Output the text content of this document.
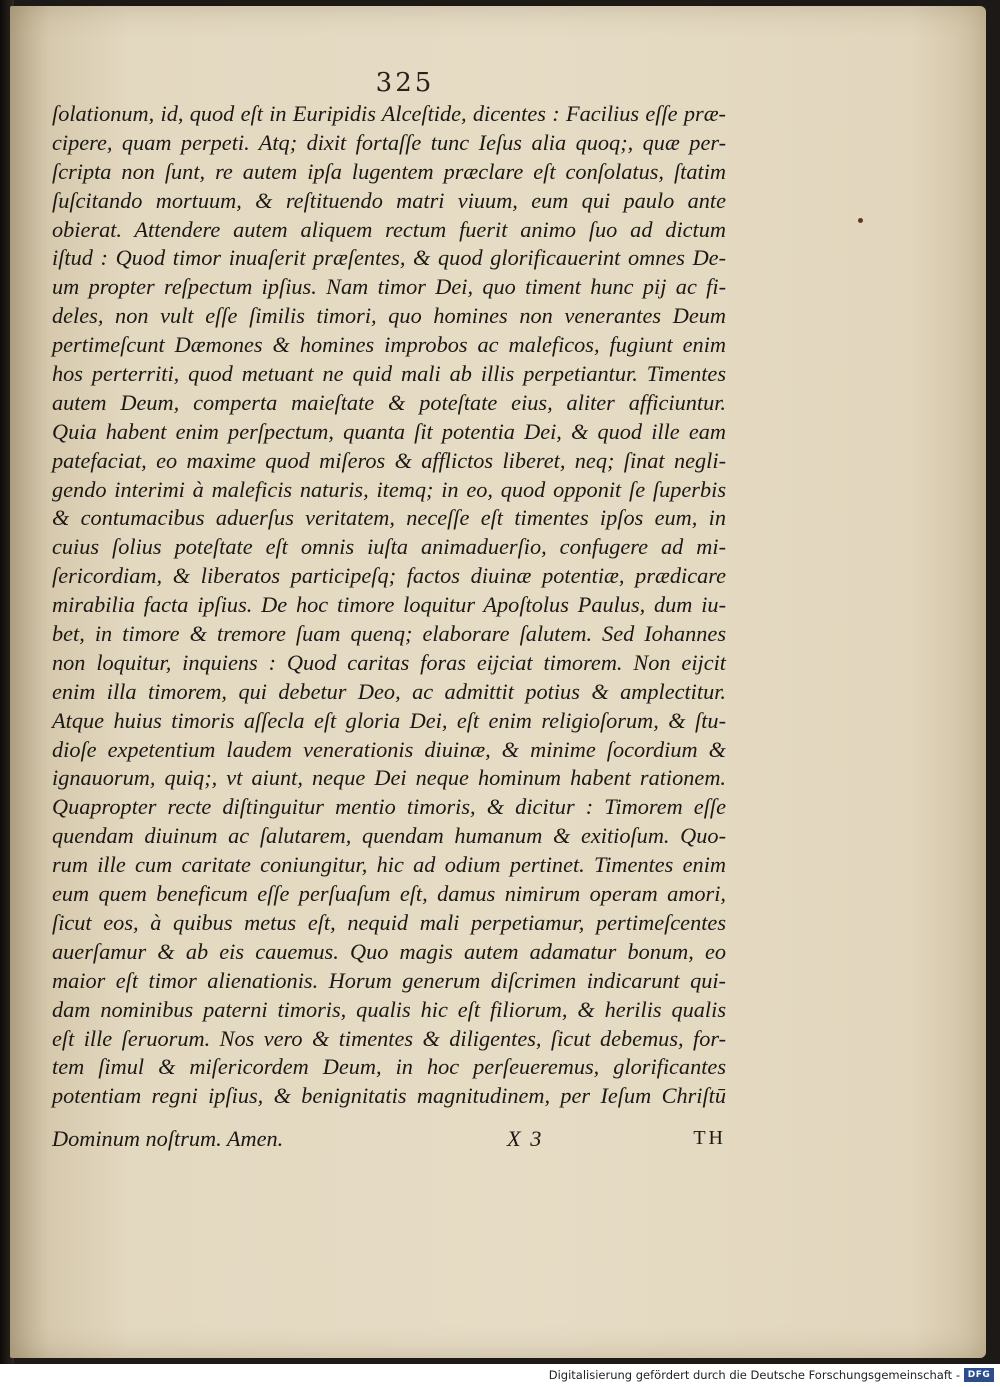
325
ſolationum, id, quod eſt in Euripidis Alceſtide, dicentes : Facilius eſſe præ-
cipere, quam perpeti. Atq; dixit fortaſſe tunc Ieſus alia quoq;, quæ per-
ſcripta non ſunt, re autem ipſa lugentem præclare eſt conſolatus, ſtatim
ſuſcitando mortuum, & reſtituendo matri viuum, eum qui paulo ante
obierat. Attendere autem aliquem rectum fuerit animo ſuo ad dictum
iſtud : Quod timor inuaſerit præſentes, & quod glorificauerint omnes De-
um propter reſpectum ipſius. Nam timor Dei, quo timent hunc pij ac fi-
deles, non vult eſſe ſimilis timori, quo homines non venerantes Deum
pertimeſcunt Dæmones & homines improbos ac maleficos, fugiunt enim
hos perterriti, quod metuant ne quid mali ab illis perpetiantur. Timentes
autem Deum, comperta maieſtate & poteſtate eius, aliter afficiuntur.
Quia habent enim perſpectum, quanta ſit potentia Dei, & quod ille eam
patefaciat, eo maxime quod miſeros & afflictos liberet, neq; ſinat negli-
gendo interimi à maleficis naturis, itemq; in eo, quod opponit ſe ſuperbis
& contumacibus aduerſus veritatem, neceſſe eſt timentes ipſos eum, in
cuius ſolius poteſtate eſt omnis iuſta animaduerſio, confugere ad mi-
ſericordiam, & liberatos participeſq; factos diuinæ potentiæ, prædicare
mirabilia facta ipſius. De hoc timore loquitur Apoſtolus Paulus, dum iu-
bet, in timore & tremore ſuam quenq; elaborare ſalutem. Sed Iohannes
non loquitur, inquiens : Quod caritas foras eijciat timorem. Non eijcit
enim illa timorem, qui debetur Deo, ac admittit potius & amplectitur.
Atque huius timoris aſſecla eſt gloria Dei, eſt enim religioſorum, & ſtu-
dioſe expetentium laudem venerationis diuinæ, & minime ſocordium &
ignauorum, quiq;, vt aiunt, neque Dei neque hominum habent rationem.
Quapropter recte diſtinguitur mentio timoris, & dicitur : Timorem eſſe
quendam diuinum ac ſalutarem, quendam humanum & exitioſum. Quo-
rum ille cum caritate coniungitur, hic ad odium pertinet. Timentes enim
eum quem beneficum eſſe perſuaſum eſt, damus nimirum operam amori,
ſicut eos, à quibus metus eſt, nequid mali perpetiamur, pertimeſcentes
auerſamur & ab eis cauemus. Quo magis autem adamatur bonum, eo
maior eſt timor alienationis. Horum generum diſcrimen indicarunt qui-
dam nominibus paterni timoris, qualis hic eſt filiorum, & herilis qualis
eſt ille ſeruorum. Nos vero & timentes & diligentes, ſicut debemus, for-
tem ſimul & miſericordem Deum, in hoc perſeueremus, glorificantes
potentiam regni ipſius, & benignitatis magnitudinem, per Ieſum Chriſtū
Dominum noſtrum. Amen.	X 3	TH
Digitalisierung gefördert durch die Deutsche Forschungsgemeinschaft - DFG
